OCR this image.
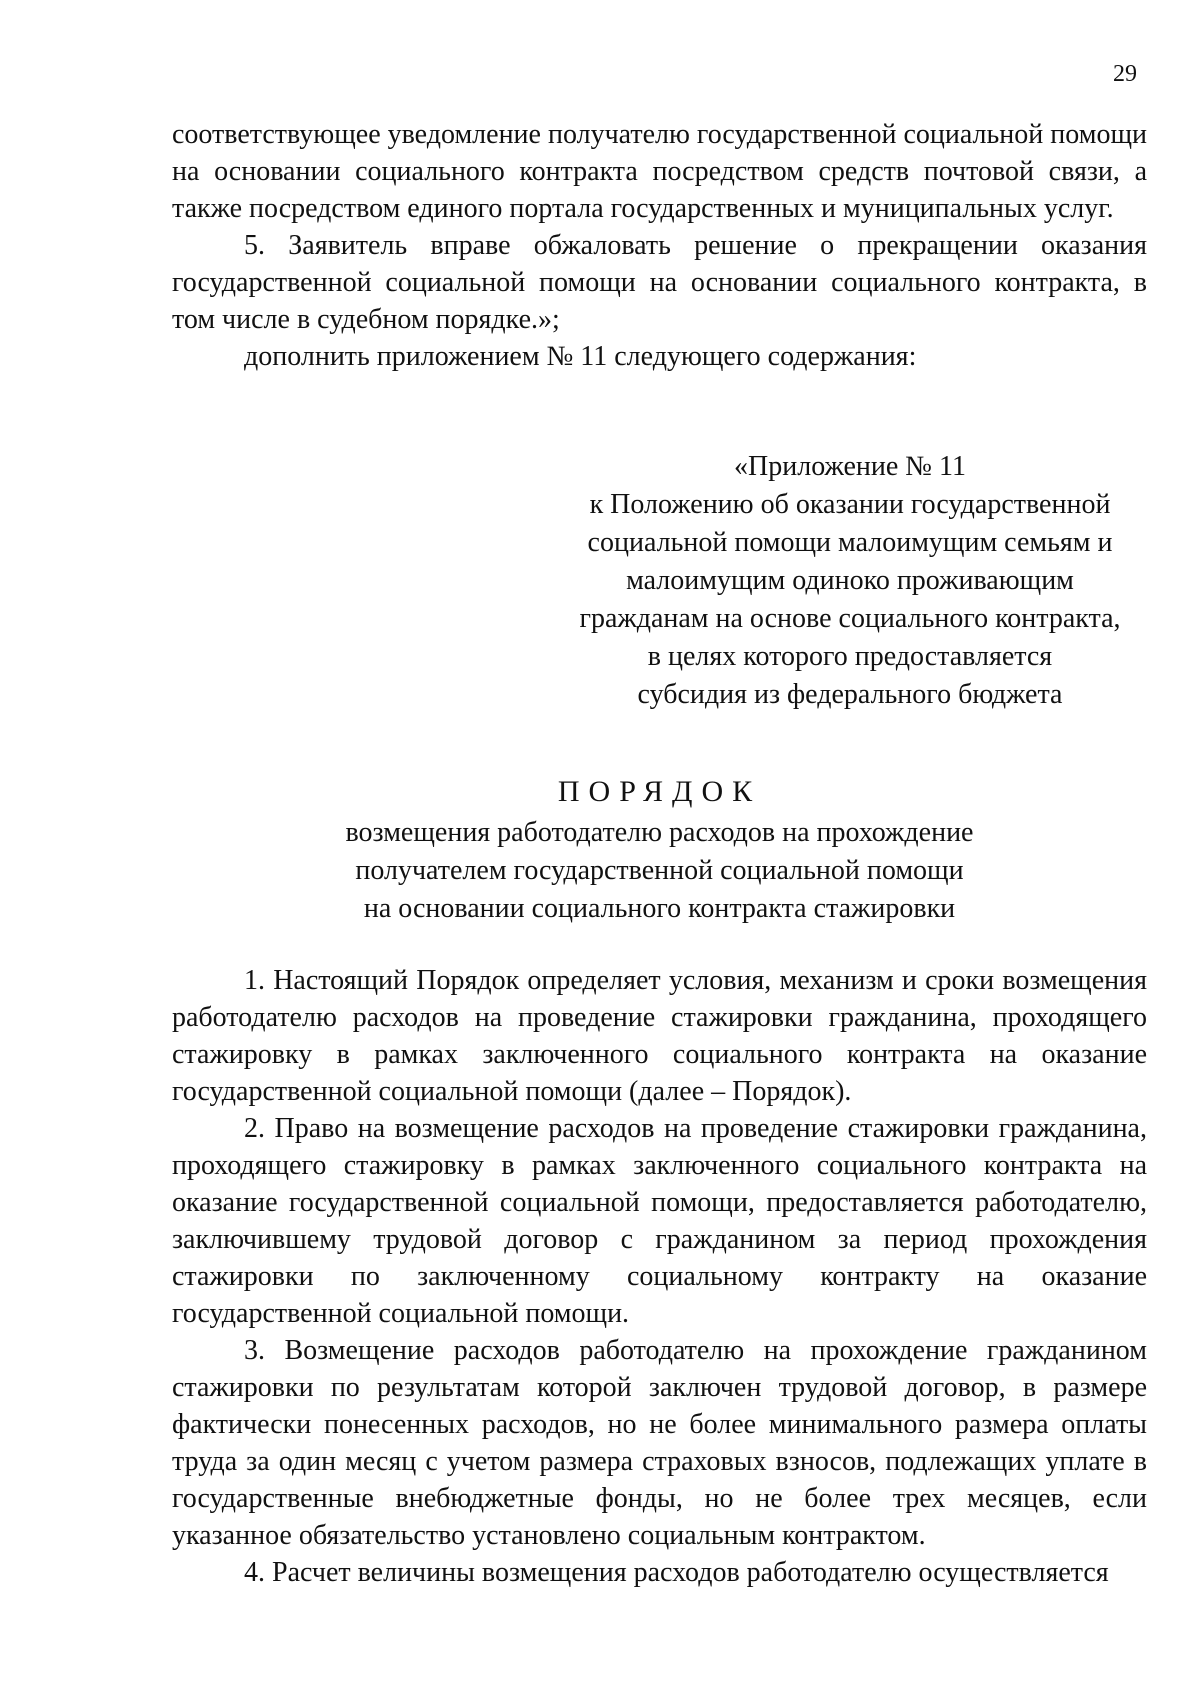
29

соответствующее уведомление получателю государственной социальной помощи на основании социального контракта посредством средств почтовой связи, а также посредством единого портала государственных и муниципальных услуг.

5. Заявитель вправе обжаловать решение о прекращении оказания государственной социальной помощи на основании социального контракта, в том числе в судебном порядке.»;

дополнить приложением № 11 следующего содержания:

«Приложение № 11
к Положению об оказании государственной
социальной помощи малоимущим семьям и
малоимущим одиноко проживающим
гражданам на основе социального контракта,
в целях которого предоставляется
субсидия из федерального бюджета
ПОРЯДОК
возмещения работодателю расходов на прохождение
получателем государственной социальной помощи
на основании социального контракта стажировки

1. Настоящий Порядок определяет условия, механизм и сроки возмещения работодателю расходов на проведение стажировки гражданина, проходящего стажировку в рамках заключенного социального контракта на оказание государственной социальной помощи (далее – Порядок).

2. Право на возмещение расходов на проведение стажировки гражданина, проходящего стажировку в рамках заключенного социального контракта на оказание государственной социальной помощи, предоставляется работодателю, заключившему трудовой договор с гражданином за период прохождения стажировки по заключенному социальному контракту на оказание государственной социальной помощи.

3. Возмещение расходов работодателю на прохождение гражданином стажировки по результатам которой заключен трудовой договор, в размере фактически понесенных расходов, но не более минимального размера оплаты труда за один месяц с учетом размера страховых взносов, подлежащих уплате в государственные внебюджетные фонды, но не более трех месяцев, если указанное обязательство установлено социальным контрактом.

4. Расчет величины возмещения расходов работодателю осуществляется
